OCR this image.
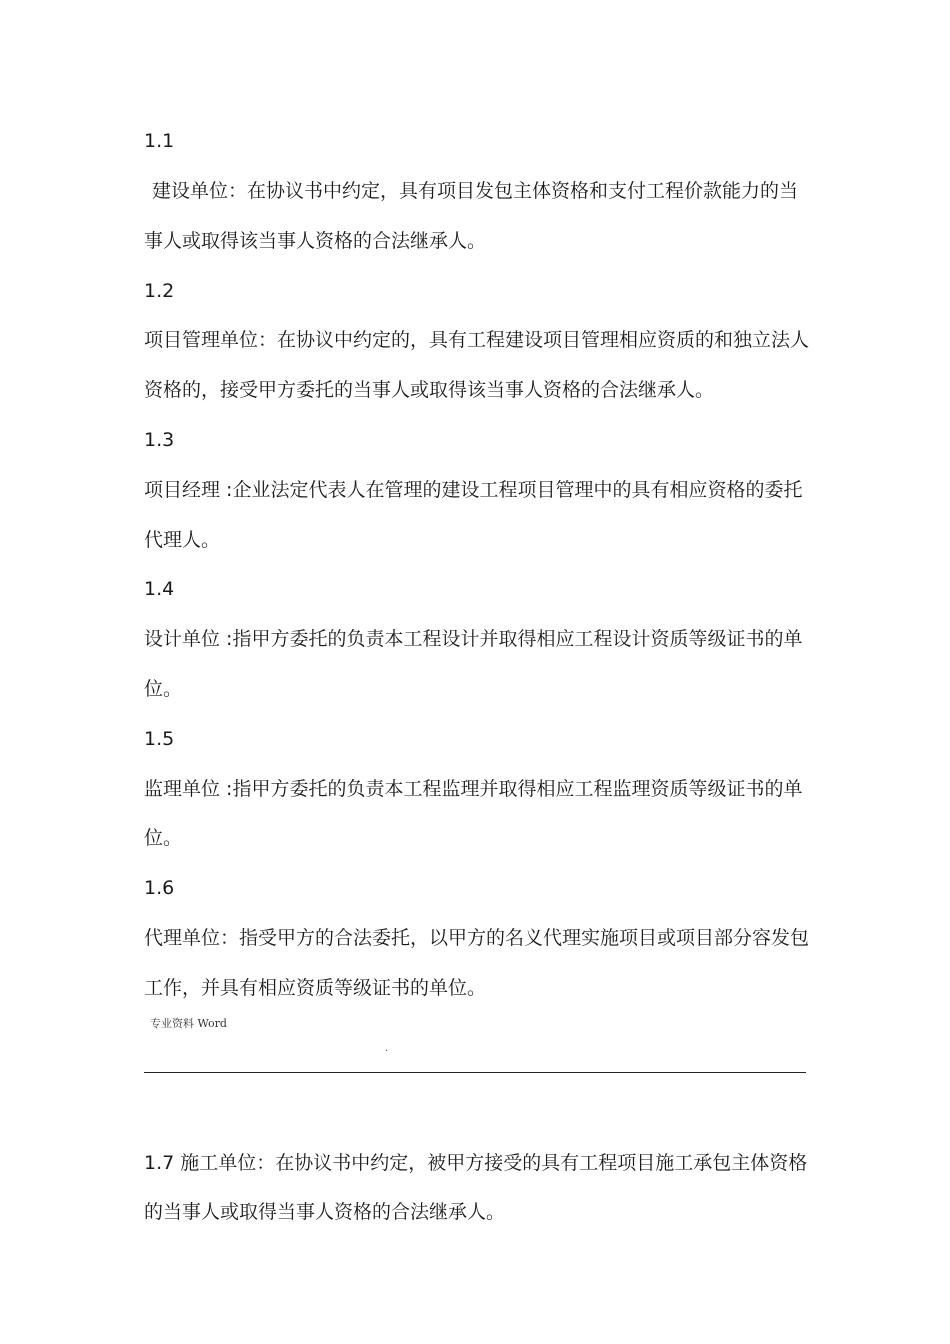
1.1
建设单位：在协议书中约定，具有项目发包主体资格和支付工程价款能力的当
事人或取得该当事人资格的合法继承人。
1.2
项目管理单位：在协议中约定的，具有工程建设项目管理相应资质的和独立法人
资格的，接受甲方委托的当事人或取得该当事人资格的合法继承人。
1.3
项目经理 :企业法定代表人在管理的建设工程项目管理中的具有相应资格的委托
代理人。
1.4
设计单位 :指甲方委托的负责本工程设计并取得相应工程设计资质等级证书的单
位。
1.5
监理单位 :指甲方委托的负责本工程监理并取得相应工程监理资质等级证书的单
位。
1.6
代理单位：指受甲方的合法委托，以甲方的名义代理实施项目或项目部分容发包
工作，并具有相应资质等级证书的单位。
专业资料 Word
.
1.7 施工单位：在协议书中约定，被甲方接受的具有工程项目施工承包主体资格
的当事人或取得当事人资格的合法继承人。
